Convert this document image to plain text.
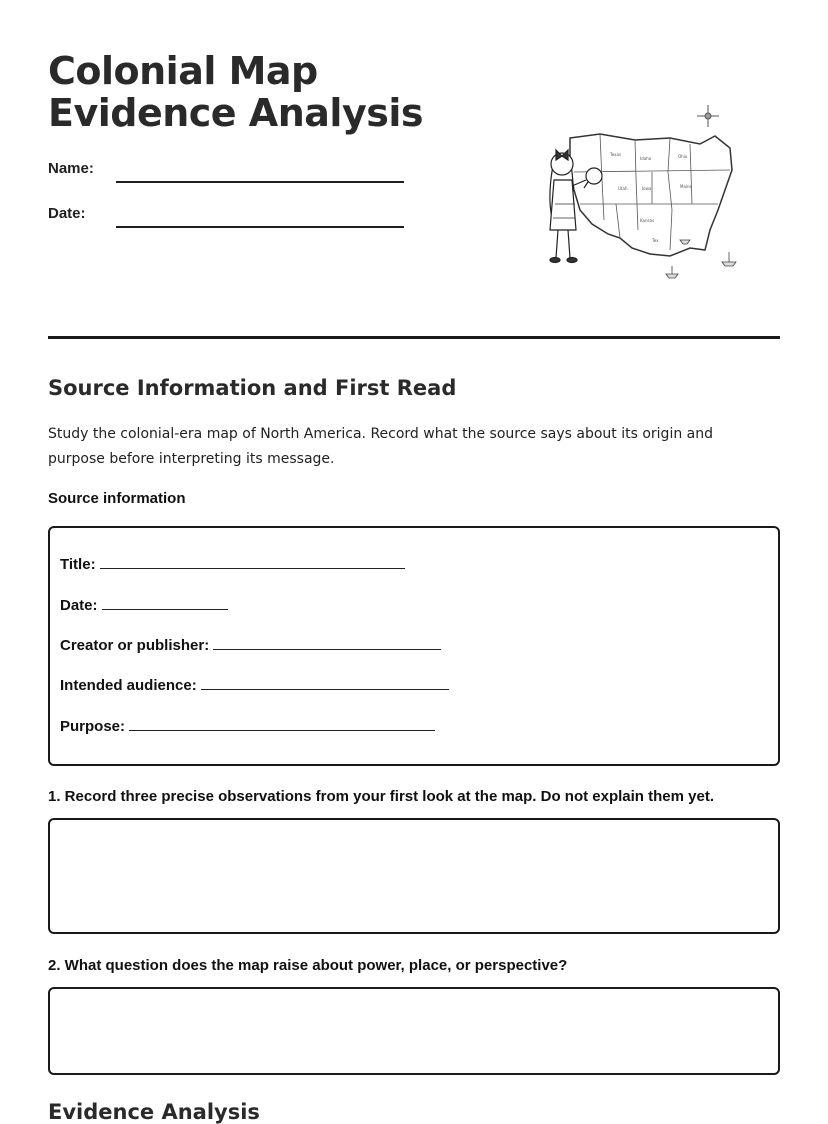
Colonial Map Evidence Analysis
Name:
Date:
Texas
Idaho	Ohio
Utah	Iowa	Maine
Kansas
Tex
Source Information and First Read

Study the colonial-era map of North America. Record what the source says about its origin and purpose before interpreting its message.

Source information
Title:
Date:
Creator or publisher:
Intended audience:
Purpose:
1. Record three precise observations from your first look at the map. Do not explain them yet.
2. What question does the map raise about power, place, or perspective?
Evidence Analysis
